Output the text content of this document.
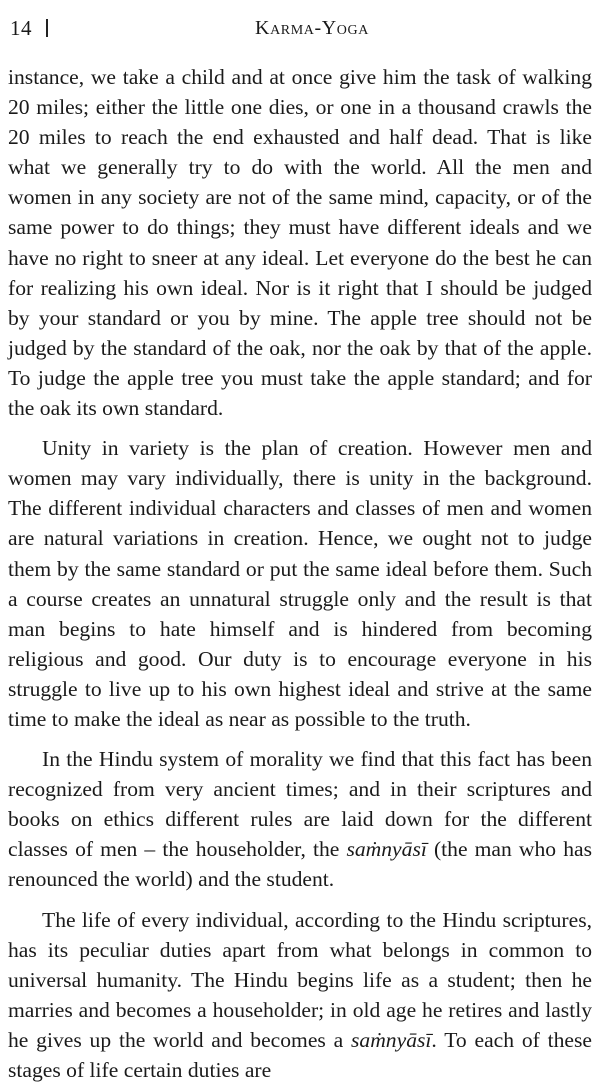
14	Karma-Yoga

instance, we take a child and at once give him the task of walking 20 miles; either the little one dies, or one in a thousand crawls the 20 miles to reach the end exhausted and half dead. That is like what we generally try to do with the world. All the men and women in any society are not of the same mind, capacity, or of the same power to do things; they must have different ideals and we have no right to sneer at any ideal. Let everyone do the best he can for realizing his own ideal. Nor is it right that I should be judged by your standard or you by mine. The apple tree should not be judged by the standard of the oak, nor the oak by that of the apple. To judge the apple tree you must take the apple standard; and for the oak its own standard.

Unity in variety is the plan of creation. However men and women may vary individually, there is unity in the background. The different individual characters and classes of men and women are natural variations in creation. Hence, we ought not to judge them by the same standard or put the same ideal before them. Such a course creates an unnatural struggle only and the result is that man begins to hate himself and is hindered from becoming religious and good. Our duty is to encourage everyone in his struggle to live up to his own highest ideal and strive at the same time to make the ideal as near as possible to the truth.

In the Hindu system of morality we find that this fact has been recognized from very ancient times; and in their scriptures and books on ethics different rules are laid down for the different classes of men – the householder, the saṁnyāsī (the man who has renounced the world) and the student.

The life of every individual, according to the Hindu scriptures, has its peculiar duties apart from what belongs in common to universal humanity. The Hindu begins life as a student; then he marries and becomes a householder; in old age he retires and lastly he gives up the world and becomes a saṁnyāsī. To each of these stages of life certain duties are
